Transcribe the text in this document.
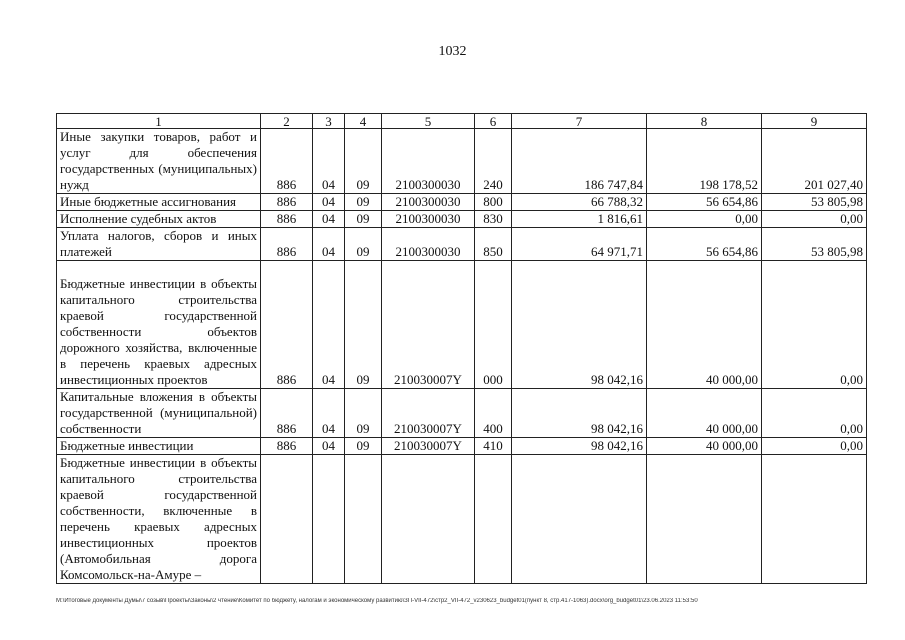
1032
1	2	3	4	5	6	7	8	9
Иные закупки товаров, работ и услуг для обеспечения государственных (муниципальных) нужд	886	04	09	2100300030	240	186 747,84	198 178,52	201 027,40
Иные бюджетные ассигнования	886	04	09	2100300030	800	66 788,32	56 654,86	53 805,98
Исполнение судебных актов	886	04	09	2100300030	830	1 816,61	0,00	0,00
Уплата налогов, сборов и иных платежей	886	04	09	2100300030	850	64 971,71	56 654,86	53 805,98
Бюджетные инвестиции в объекты капитального строительства краевой государственной собственности объектов дорожного хозяйства, включенные в перечень краевых адресных инвестиционных проектов	886	04	09	210030007Y	000	98 042,16	40 000,00	0,00
Капитальные вложения в объекты государственной (муниципальной) собственности	886	04	09	210030007Y	400	98 042,16	40 000,00	0,00
Бюджетные инвестиции	886	04	09	210030007Y	410	98 042,16	40 000,00	0,00
Бюджетные инвестиции в объекты капитального строительства краевой государственной собственности, включенные в перечень краевых адресных инвестиционных проектов (Автомобильная дорога Комсомольск-на-Амуре –								
M:\Итоговые документы Думы\7 созыв\Проекты\Законы\2 чтение\Комитет по бюджету, налогам и экономическому развитию\ЗП-VII-472\стр2_VII-472_v230623_budget01(пункт 8, стр.417-1063).docx\org_budget01\23.06.2023 11:53:50
